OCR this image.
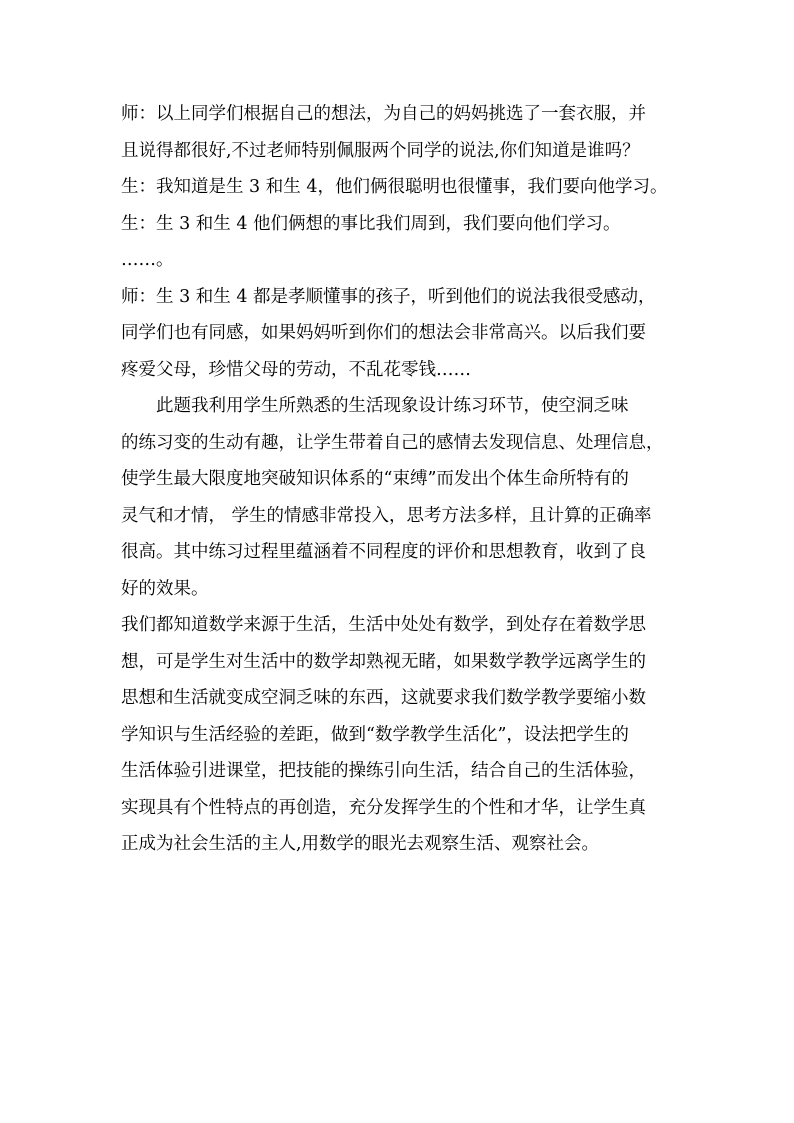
师：以上同学们根据自己的想法，为自己的妈妈挑选了一套衣服，并
且说得都很好,不过老师特别佩服两个同学的说法,你们知道是谁吗？
生：我知道是生 3 和生 4，他们俩很聪明也很懂事，我们要向他学习。
生：生 3 和生 4 他们俩想的事比我们周到，我们要向他们学习。
……。
师：生 3 和生 4 都是孝顺懂事的孩子，听到他们的说法我很受感动，
同学们也有同感，如果妈妈听到你们的想法会非常高兴。以后我们要
疼爱父母，珍惜父母的劳动，不乱花零钱……
此题我利用学生所熟悉的生活现象设计练习环节，使空洞乏味
的练习变的生动有趣，让学生带着自己的感情去发现信息、处理信息，
使学生最大限度地突破知识体系的“束缚”而发出个体生命所特有的
灵气和才情， 学生的情感非常投入，思考方法多样，且计算的正确率
很高。其中练习过程里蕴涵着不同程度的评价和思想教育，收到了良
好的效果。
我们都知道数学来源于生活，生活中处处有数学，到处存在着数学思
想，可是学生对生活中的数学却熟视无睹，如果数学教学远离学生的
思想和生活就变成空洞乏味的东西，这就要求我们数学教学要缩小数
学知识与生活经验的差距，做到“数学教学生活化”，设法把学生的
生活体验引进课堂，把技能的操练引向生活，结合自己的生活体验，
实现具有个性特点的再创造，充分发挥学生的个性和才华，让学生真
正成为社会生活的主人,用数学的眼光去观察生活、观察社会。
